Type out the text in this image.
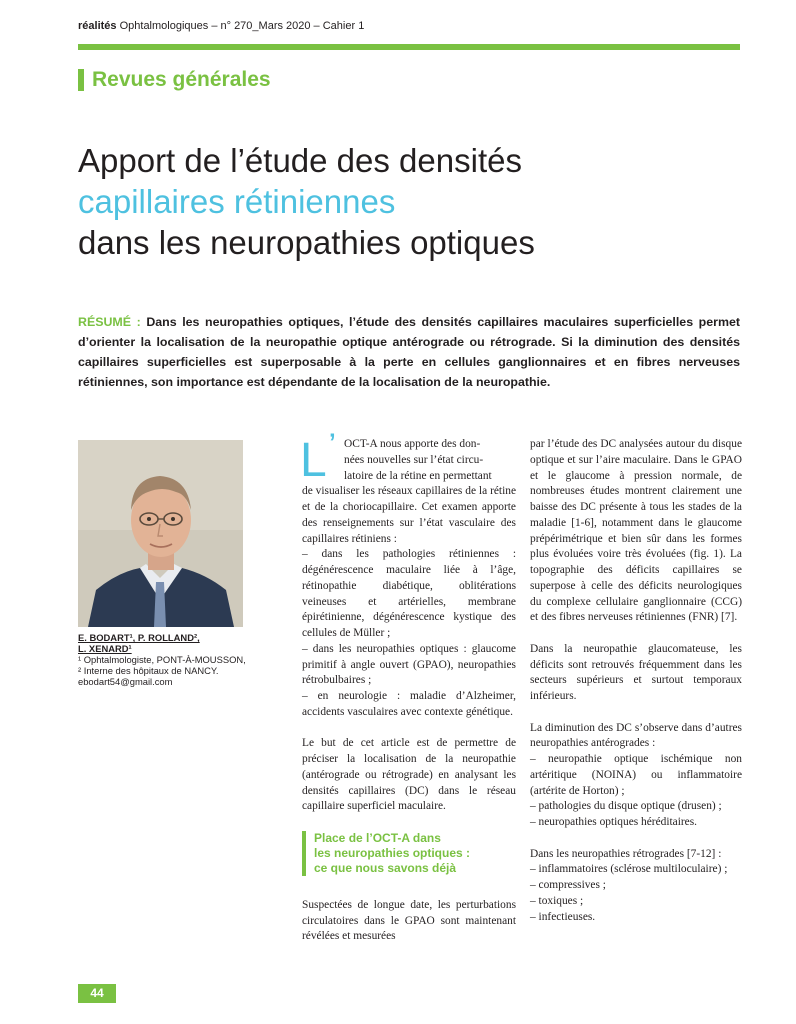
réalités Ophtalmologiques – n° 270_Mars 2020 – Cahier 1
Revues générales
Apport de l’étude des densités
capillaires rétiniennes
dans les neuropathies optiques
RÉSUMÉ : Dans les neuropathies optiques, l’étude des densités capillaires maculaires superficielles permet d’orienter la localisation de la neuropathie optique antérograde ou rétrograde. Si la diminution des densités capillaires superficielles est superposable à la perte en cellules ganglionnaires et en fibres nerveuses rétiniennes, son importance est dépendante de la localisation de la neuropathie.
E. BODART¹, P. ROLLAND²,
L. XENARD¹
¹ Ophtalmologiste, PONT-À-MOUSSON,
² Interne des hôpitaux de NANCY.
ebodart54@gmail.com
L ’ OCT-A nous apporte des don-
nées nouvelles sur l’état circu-
latoire de la rétine en permettant

de visualiser les réseaux capillaires de la rétine et de la choriocapillaire. Cet examen apporte des renseignements sur l’état vasculaire des capillaires rétiniens :
– dans les pathologies rétiniennes : dégénérescence maculaire liée à l’âge, rétinopathie diabétique, oblitérations veineuses et artérielles, membrane épirétinienne, dégénérescence kystique des cellules de Müller ;
– dans les neuropathies optiques : glaucome primitif à angle ouvert (GPAO), neuropathies rétrobulbaires ;
– en neurologie : maladie d’Alzheimer, accidents vasculaires avec contexte génétique.

Le but de cet article est de permettre de préciser la localisation de la neuropathie (antérograde ou rétrograde) en analysant les densités capillaires (DC) dans le réseau capillaire superficiel maculaire.

Place de l’OCT-A dans
les neuropathies optiques :
ce que nous savons déjà

Suspectées de longue date, les perturbations circulatoires dans le GPAO sont maintenant révélées et mesurées

par l’étude des DC analysées autour du disque optique et sur l’aire maculaire. Dans le GPAO et le glaucome à pression normale, de nombreuses études montrent clairement une baisse des DC présente à tous les stades de la maladie [1-6], notamment dans le glaucome prépérimétrique et bien sûr dans les formes plus évoluées voire très évoluées (fig. 1). La topographie des déficits capillaires se superpose à celle des déficits neurologiques du complexe cellulaire ganglionnaire (CCG) et des fibres nerveuses rétiniennes (FNR) [7].

Dans la neuropathie glaucomateuse, les déficits sont retrouvés fréquemment dans les secteurs supérieurs et surtout temporaux inférieurs.

La diminution des DC s’observe dans d’autres neuropathies antérogrades :
– neuropathie optique ischémique non artéritique (NOINA) ou inflammatoire (artérite de Horton) ;
– pathologies du disque optique (drusen) ;
– neuropathies optiques héréditaires.

Dans les neuropathies rétrogrades [7-12] :
– inflammatoires (sclérose multiloculaire) ;
– compressives ;
– toxiques ;
– infectieuses.

44
